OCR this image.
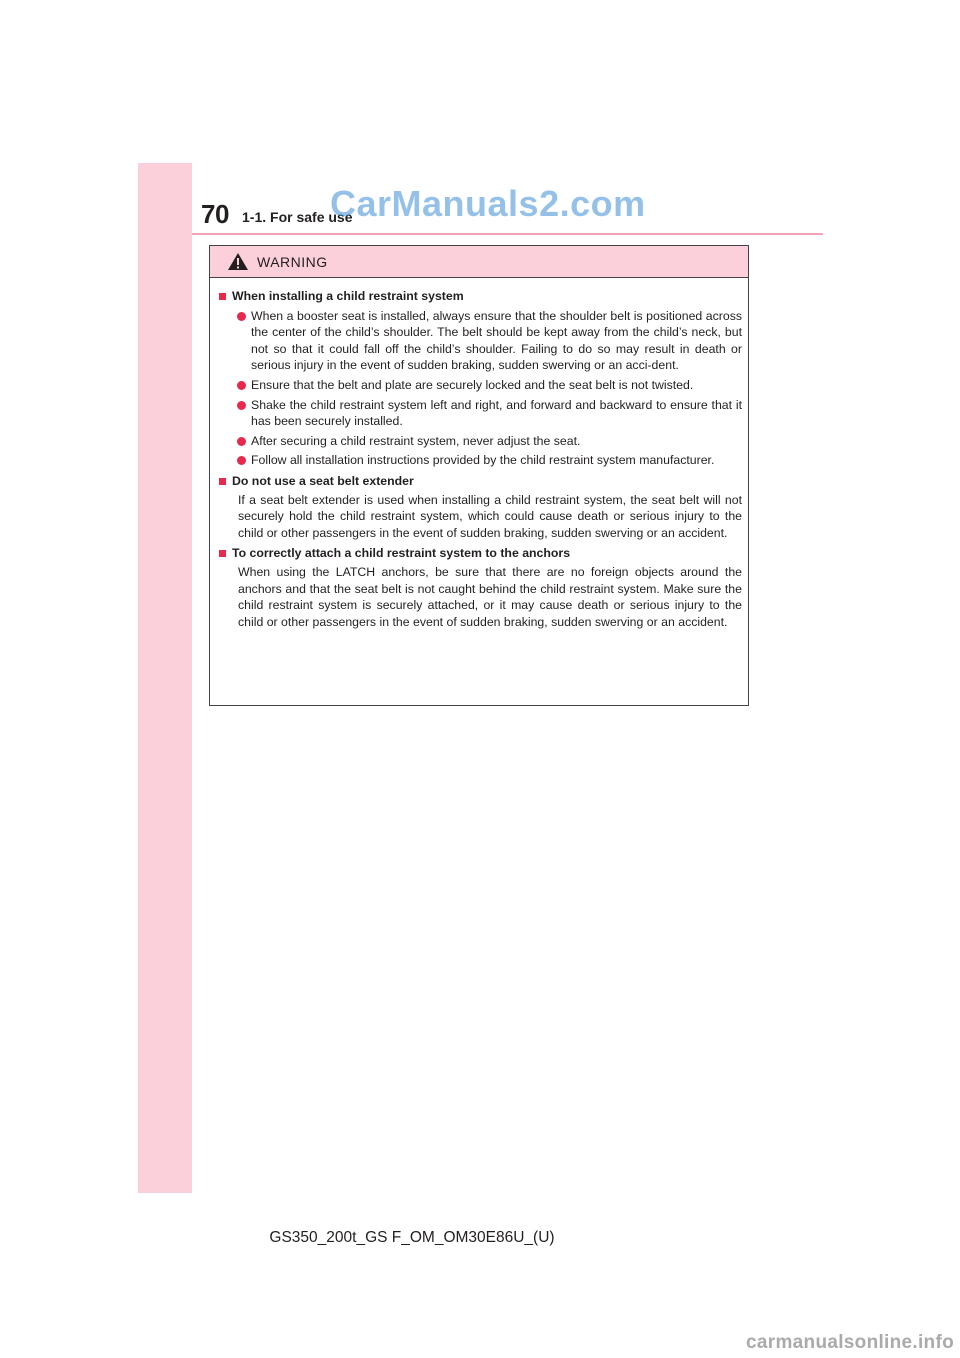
70 1-1. For safe use
CarManuals2.com
WARNING
When installing a child restraint system
When a booster seat is installed, always ensure that the shoulder belt is positioned across the center of the child’s shoulder. The belt should be kept away from the child’s neck, but not so that it could fall off the child’s shoulder. Failing to do so may result in death or serious injury in the event of sudden braking, sudden swerving or an acci-dent.
Ensure that the belt and plate are securely locked and the seat belt is not twisted.
Shake the child restraint system left and right, and forward and backward to ensure that it has been securely installed.
After securing a child restraint system, never adjust the seat.
Follow all installation instructions provided by the child restraint system manufacturer.
Do not use a seat belt extender
If a seat belt extender is used when installing a child restraint system, the seat belt will not securely hold the child restraint system, which could cause death or serious injury to the child or other passengers in the event of sudden braking, sudden swerving or an accident.
To correctly attach a child restraint system to the anchors
When using the LATCH anchors, be sure that there are no foreign objects around the anchors and that the seat belt is not caught behind the child restraint system. Make sure the child restraint system is securely attached, or it may cause death or serious injury to the child or other passengers in the event of sudden braking, sudden swerving or an accident.
GS350_200t_GS F_OM_OM30E86U_(U)
carmanualsonline.info
